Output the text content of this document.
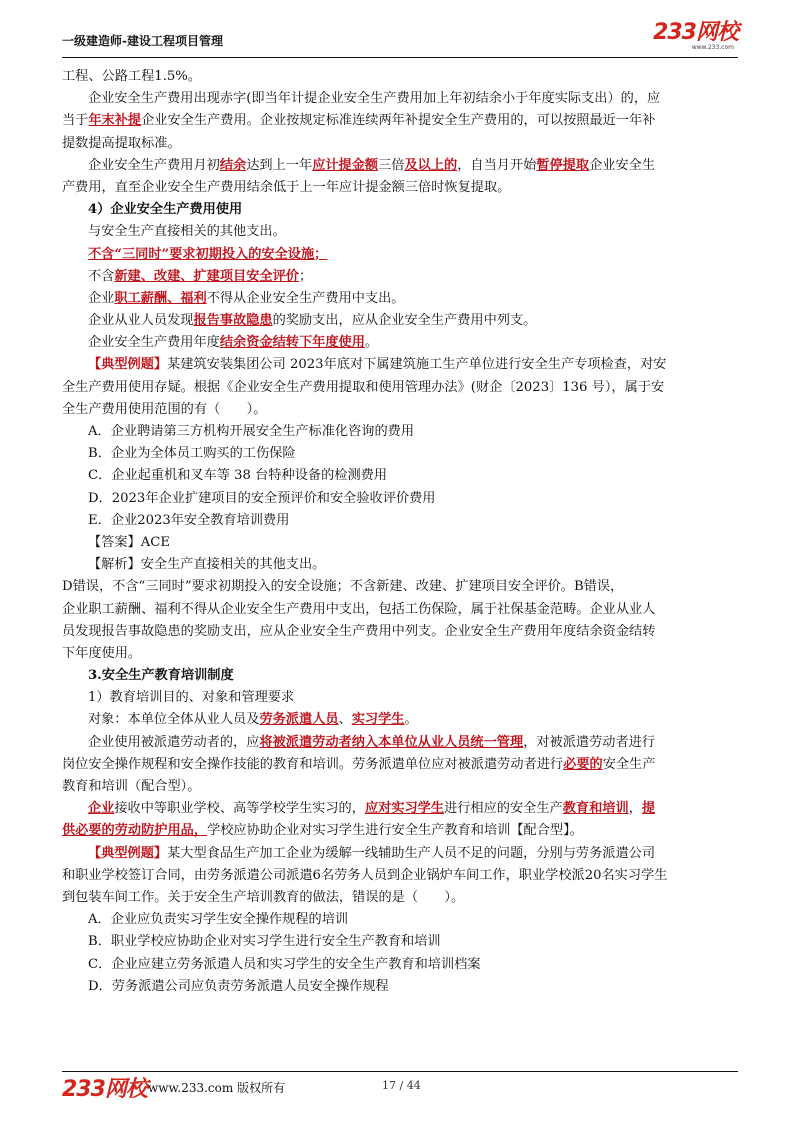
一级建造师-建设工程项目管理	233网校
www.233.com
工程、公路工程1.5%。
企业安全生产费用出现赤字(即当年计提企业安全生产费用加上年初结余小于年度实际支出）的，应
当于年末补提企业安全生产费用。企业按规定标准连续两年补提安全生产费用的，可以按照最近一年补
提数提高提取标准。
企业安全生产费用月初结余达到上一年应计提金额三倍及以上的，自当月开始暂停提取企业安全生
产费用，直至企业安全生产费用结余低于上一年应计提金额三倍时恢复提取。
4）企业安全生产费用使用
与安全生产直接相关的其他支出。
不含“三同时”要求初期投入的安全设施；
不含新建、改建、扩建项目安全评价；
企业职工薪酬、福利不得从企业安全生产费用中支出。
企业从业人员发现报告事故隐患的奖励支出，应从企业安全生产费用中列支。
企业安全生产费用年度结余资金结转下年度使用。
【典型例题】某建筑安装集团公司 2023年底对下属建筑施工生产单位进行安全生产专项检查，对安
全生产费用使用存疑。根据《企业安全生产费用提取和使用管理办法》(财企〔2023〕136 号），属于安
全生产费用使用范围的有（　　）。
A．企业聘请第三方机构开展安全生产标准化咨询的费用
B．企业为全体员工购买的工伤保险
C．企业起重机和叉车等 38 台特种设备的检测费用
D．2023年企业扩建项目的安全预评价和安全验收评价费用
E．企业2023年安全教育培训费用
【答案】ACE
【解析】安全生产直接相关的其他支出。
D错误，不含“三同时”要求初期投入的安全设施；不含新建、改建、扩建项目安全评价。B错误，
企业职工薪酬、福利不得从企业安全生产费用中支出，包括工伤保险，属于社保基金范畴。企业从业人
员发现报告事故隐患的奖励支出，应从企业安全生产费用中列支。企业安全生产费用年度结余资金结转
下年度使用。
3.安全生产教育培训制度
1）教育培训目的、对象和管理要求
对象：本单位全体从业人员及劳务派遣人员、实习学生。
企业使用被派遣劳动者的，应将被派遣劳动者纳入本单位从业人员统一管理，对被派遣劳动者进行
岗位安全操作规程和安全操作技能的教育和培训。劳务派遣单位应对被派遣劳动者进行必要的安全生产
教育和培训（配合型）。
企业接收中等职业学校、高等学校学生实习的，应对实习学生进行相应的安全生产教育和培训，提
供必要的劳动防护用品，学校应协助企业对实习学生进行安全生产教育和培训【配合型】。
【典型例题】某大型食品生产加工企业为缓解一线辅助生产人员不足的问题，分别与劳务派遣公司
和职业学校签订合同，由劳务派遣公司派遣6名劳务人员到企业锅炉车间工作，职业学校派20名实习学生
到包装车间工作。关于安全生产培训教育的做法，错误的是（　　）。
A．企业应负责实习学生安全操作规程的培训
B．职业学校应协助企业对实习学生进行安全生产教育和培训
C．企业应建立劳务派遣人员和实习学生的安全生产教育和培训档案
D．劳务派遣公司应负责劳务派遣人员安全操作规程
233网校 www.233.com 版权所有	17 / 44
